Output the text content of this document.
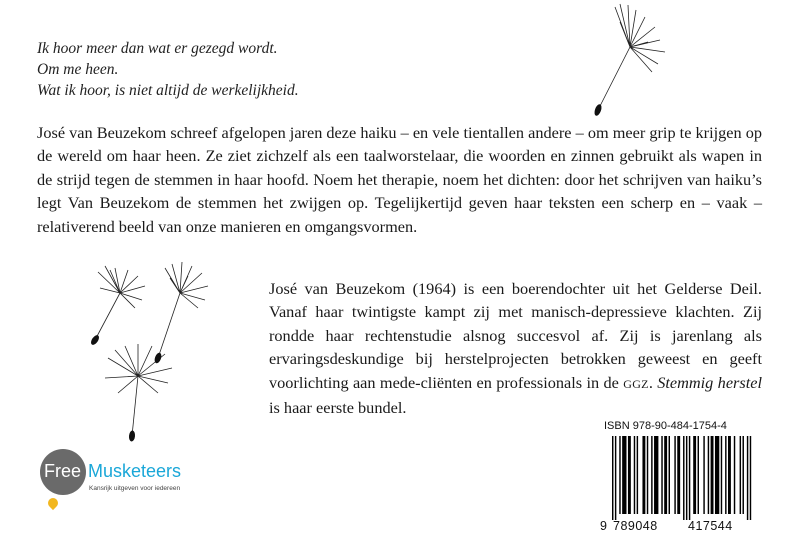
Ik hoor meer dan wat er gezegd wordt.
Om me heen.
Wat ik hoor, is niet altijd de werkelijkheid.
José van Beuzekom schreef afgelopen jaren deze haiku – en vele tientallen andere – om meer grip te krijgen op de wereld om haar heen. Ze ziet zichzelf als een taalworstelaar, die woorden en zinnen gebruikt als wapen in de strijd tegen de stemmen in haar hoofd. Noem het therapie, noem het dichten: door het schrijven van haiku’s legt Van Beuzekom de stemmen het zwijgen op. Tegelijkertijd geven haar teksten een scherp en – vaak – relativerend beeld van onze manieren en omgangsvormen.
José van Beuzekom (1964) is een boerendochter uit het Gelderse Deil. Vanaf haar twintigste kampt zij met manisch-depressieve klachten. Zij rondde haar rechtenstudie alsnog succesvol af. Zij is jarenlang als ervaringsdeskundige bij herstelprojecten betrokken geweest en geeft voorlichting aan mede-cliënten en professionals in de GGZ. Stemmig herstel is haar eerste bundel.
Free Musketeers
Kansrijk uitgeven voor iedereen
ISBN 978-90-484-1754-4
9 789048 417544
